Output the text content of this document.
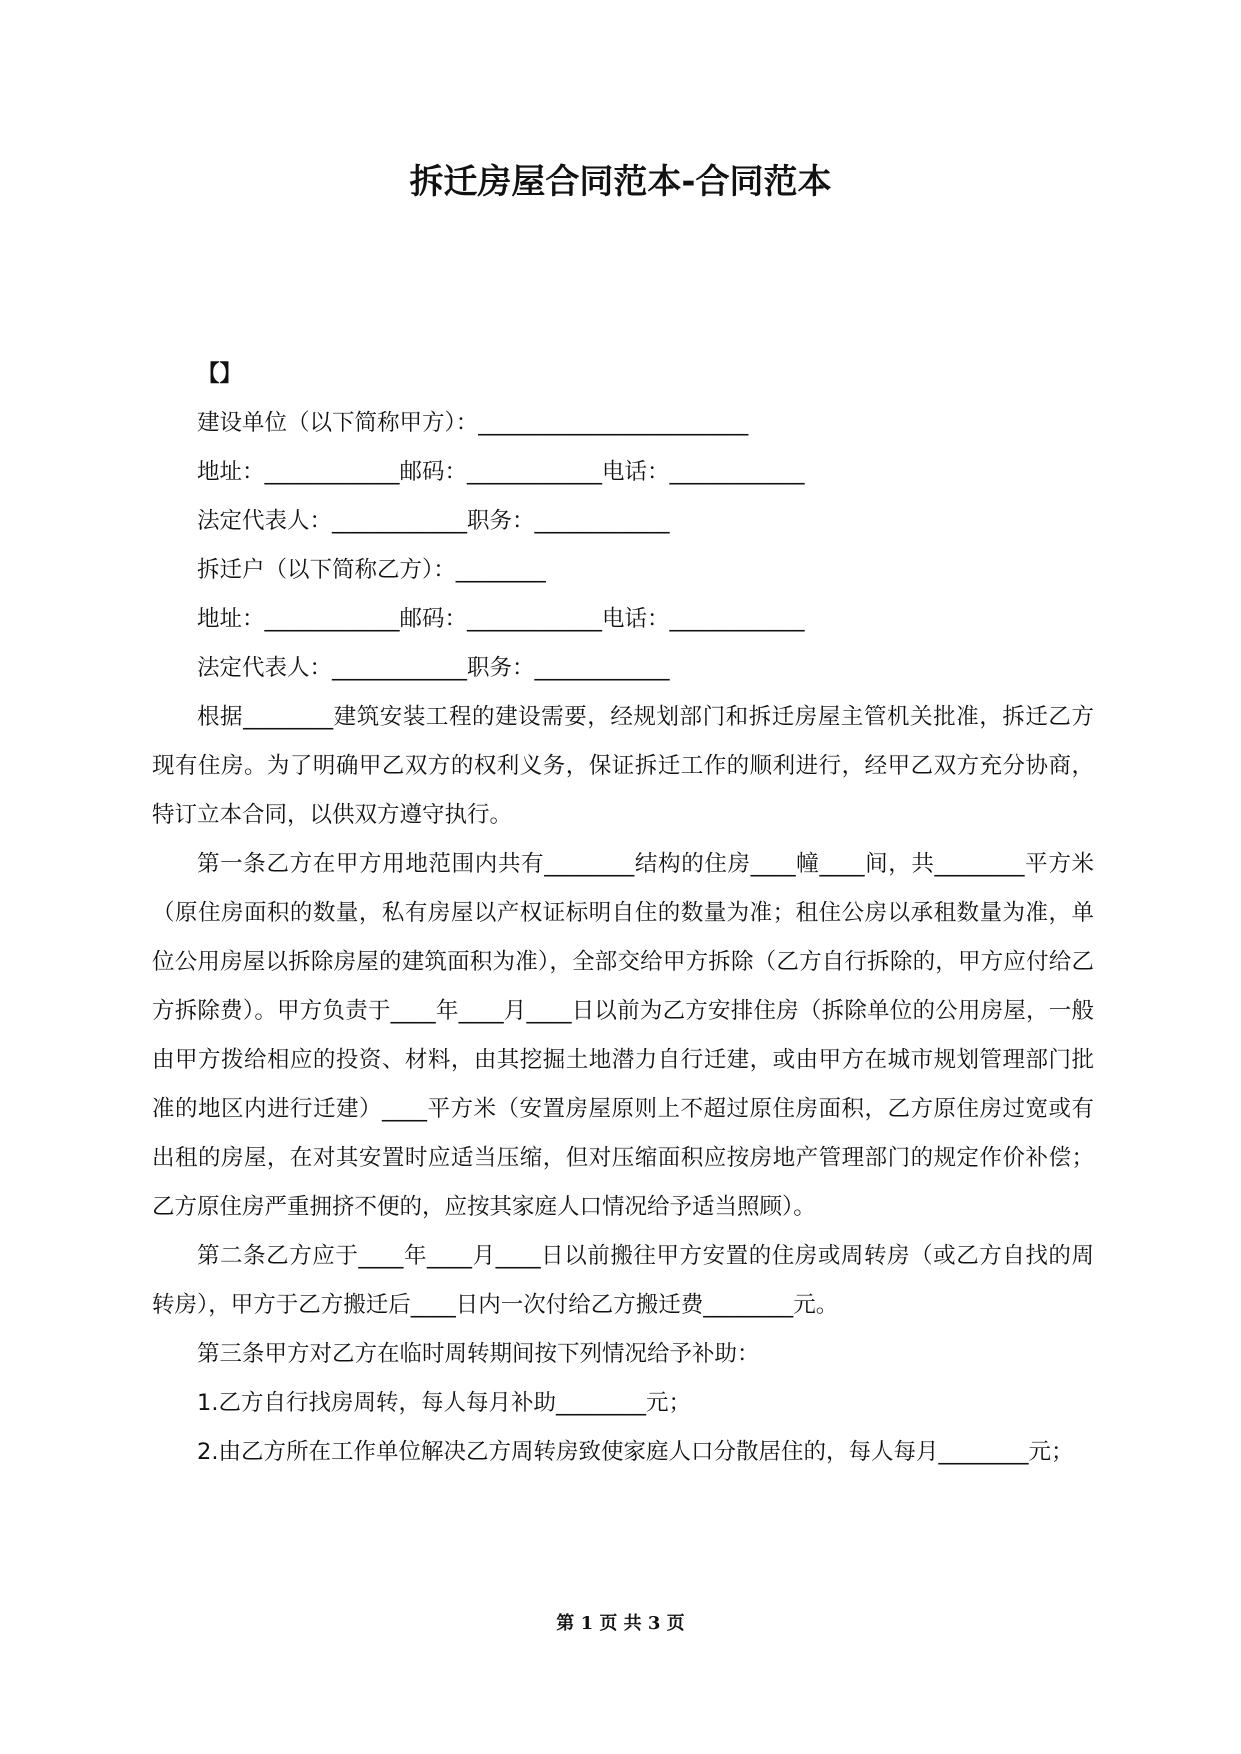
拆迁房屋合同范本-合同范本

【】

建设单位（以下简称甲方）：________________________

地址：____________邮码：____________电话：____________

法定代表人：____________职务：____________

拆迁户（以下简称乙方）：________

地址：____________邮码：____________电话：____________

法定代表人：____________职务：____________

根据________建筑安装工程的建设需要，经规划部门和拆迁房屋主管机关批准，拆迁乙方现有住房。为了明确甲乙双方的权利义务，保证拆迁工作的顺利进行，经甲乙双方充分协商，特订立本合同，以供双方遵守执行。

第一条乙方在甲方用地范围内共有________结构的住房____幢____间，共________平方米（原住房面积的数量，私有房屋以产权证标明自住的数量为准；租住公房以承租数量为准，单位公用房屋以拆除房屋的建筑面积为准），全部交给甲方拆除（乙方自行拆除的，甲方应付给乙方拆除费）。甲方负责于____年____月____日以前为乙方安排住房（拆除单位的公用房屋，一般由甲方拨给相应的投资、材料，由其挖掘土地潜力自行迁建，或由甲方在城市规划管理部门批准的地区内进行迁建）____平方米（安置房屋原则上不超过原住房面积，乙方原住房过宽或有出租的房屋，在对其安置时应适当压缩，但对压缩面积应按房地产管理部门的规定作价补偿；乙方原住房严重拥挤不便的，应按其家庭人口情况给予适当照顾）。

第二条乙方应于____年____月____日以前搬往甲方安置的住房或周转房（或乙方自找的周转房），甲方于乙方搬迁后____日内一次付给乙方搬迁费________元。

第三条甲方对乙方在临时周转期间按下列情况给予补助：

1.乙方自行找房周转，每人每月补助________元；

2.由乙方所在工作单位解决乙方周转房致使家庭人口分散居住的，每人每月________元；

第 1 页 共 3 页
